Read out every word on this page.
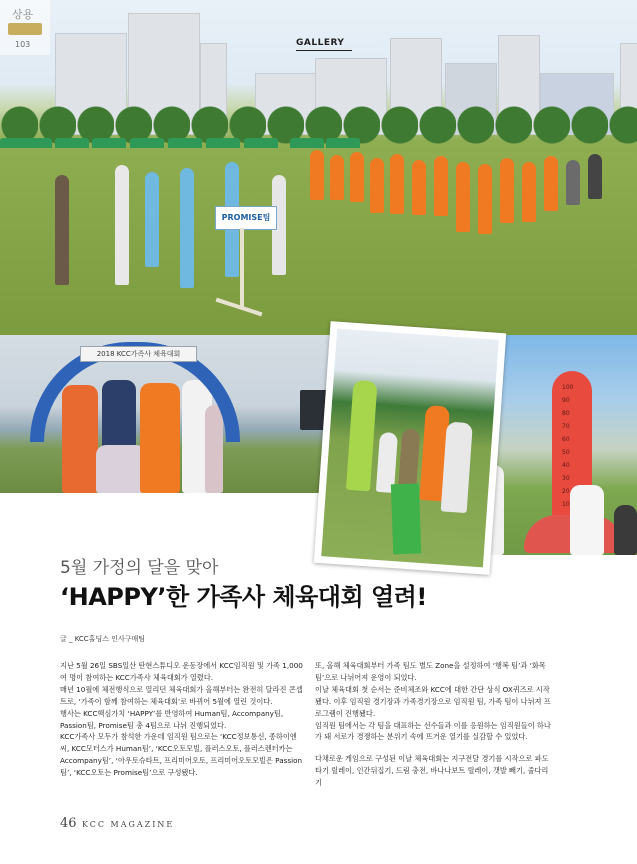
PROMISE팀
상용
103	GALLERY
2018 KCC가족사 체육대회
100
90
80
70
60
50
40
30
20
10
5월 가정의 달을 맞아
‘HAPPY’한 가족사 체육대회 열려!
글 _ KCC홀딩스 인사구매팀

지난 5월 26일 SBS일산 탄현스튜디오 운동장에서 KCC임직원 및 가족 1,000여 명이 참여하는 KCC가족사 체육대회가 열렸다.

매년 10월에 체전행식으로 열리던 체육대회가 올해부터는 완전히 달라진 콘셉트로, ‘가족이 함께 참여하는 체육대회’로 바뀌어 5월에 열린 것이다.

행사는 KCC핵심가치 ‘HAPPY’를 반영하여 Human팀, Accompany팀, Passion팀, Promise팀 총 4팀으로 나뉘 진행되었다.

KCC가족사 모두가 참석한 가운데 임직원 팀으로는 ‘KCC정보통신, 종하이엔씨, KCC모터스가 Human팀’, ‘KCC오토모빌, 플러스오토, 플러스렌터카는 Accompany팀’, ‘아우토슈타트, 프리미어오토, 프리미어오토모빌은 Passion팀’, ‘KCC오토는 Promise팀’으로 구성됐다.

또, 올해 체육대회부터 가족 팀도 별도 Zone을 설정하여 ‘행복 팀’과 ‘화목 팀’으로 나뉘어져 운영이 되었다.

이날 체육대회 첫 순서는 준비체조와 KCC에 대한 간단 상식 OX퀴즈로 시작됐다. 이후 임직원 경기장과 가족경기장으로 임직원 팀, 가족 팀이 나뉘져 프로그램이 진행됐다.

임직원 팀에서는 각 팀을 대표하는 선수들과 이를 응원하는 임직원들이 하나가 돼 서로가 경쟁하는 분위기 속에 뜨거운 열기를 실감할 수 있었다.

다채로운 게임으로 구성된 이날 체육대회는 지구전달 경기를 시작으로 파도타기 릴레이, 인간뒤집기, 드림 충전, 바나나보트 릴레이, 갯발 빼기, 줄다리기

46 KCC MAGAZINE
